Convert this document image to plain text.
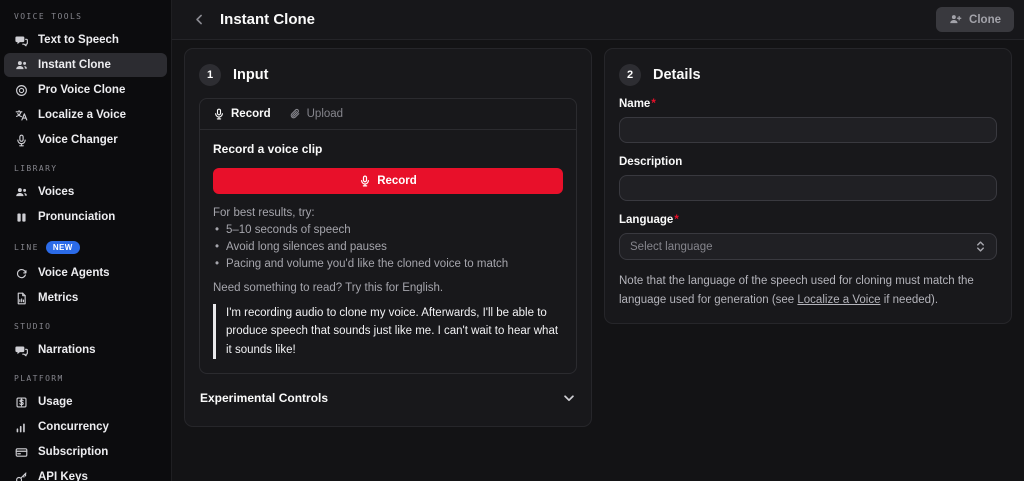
VOICE TOOLS
Text to Speech
Instant Clone
Pro Voice Clone
Localize a Voice
Voice Changer
LIBRARY
Voices
Pronunciation
LINE	NEW
Voice Agents
Metrics
STUDIO
Narrations
PLATFORM
Usage
Concurrency
Subscription
API Keys
Instant Clone	Clone
1	Input
Record	Upload
Record a voice clip
Record
For best results, try:
• 5–10 seconds of speech
• Avoid long silences and pauses
• Pacing and volume you'd like the cloned voice to match
Need something to read? Try this for English.
I'm recording audio to clone my voice. Afterwards, I'll be able to produce speech that sounds just like me. I can't wait to hear what it sounds like!
Experimental Controls
2	Details
Name*
Description
Language*
Select language

Note that the language of the speech used for cloning must match the language used for generation (see Localize a Voice if needed).
